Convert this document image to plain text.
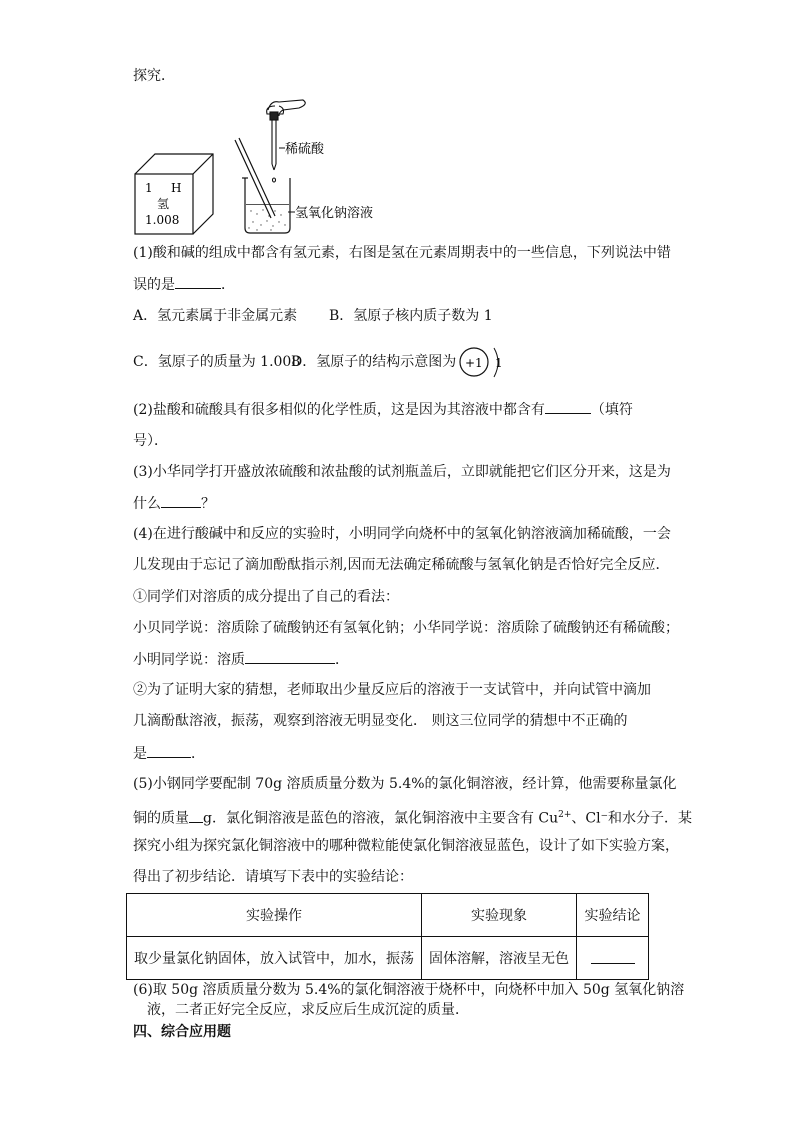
探究．
1 H
氢
1.008
稀硫酸
氢氧化钠溶液
(1)酸和碱的组成中都含有氢元素，右图是氢在元素周期表中的一些信息，下列说法中错
误的是	．
A．氢元素属于非金属元素 B．氢原子核内质子数为 1
C．氢原子的质量为 1.008
D．氢原子的结构示意图为 +1 1
(2)盐酸和硫酸具有很多相似的化学性质，这是因为其溶液中都含有	（填符
号）．
(3)小华同学打开盛放浓硫酸和浓盐酸的试剂瓶盖后，立即就能把它们区分开来，这是为
什么	？
(4)在进行酸碱中和反应的实验时，小明同学向烧杯中的氢氧化钠溶液滴加稀硫酸，一会
儿发现由于忘记了滴加酚酞指示剂,因而无法确定稀硫酸与氢氧化钠是否恰好完全反应．
①同学们对溶质的成分提出了自己的看法：
小贝同学说：溶质除了硫酸钠还有氢氧化钠；小华同学说：溶质除了硫酸钠还有稀硫酸；
小明同学说：溶质	．
②为了证明大家的猜想，老师取出少量反应后的溶液于一支试管中，并向试管中滴加
几滴酚酞溶液，振荡，观察到溶液无明显变化． 则这三位同学的猜想中不正确的
是	．
(5)小钢同学要配制 70g 溶质质量分数为 5.4%的氯化铜溶液，经计算，他需要称量氯化
铜的质量 g．氯化铜溶液是蓝色的溶液，氯化铜溶液中主要含有 $Cu^{2+}$、Cl⁻和水分子．某
探究小组为探究氯化铜溶液中的哪种微粒能使氯化铜溶液显蓝色，设计了如下实验方案，
得出了初步结论．请填写下表中的实验结论：
实验操作	实验现象	实验结论
取少量氯化钠固体，放入试管中，加水，振荡	固体溶解，溶液呈无色	
(6)取 50g 溶质质量分数为 5.4%的氯化铜溶液于烧杯中，向烧杯中加入 50g 氢氧化钠溶
液，二者正好完全反应，求反应后生成沉淀的质量．
四、综合应用题
